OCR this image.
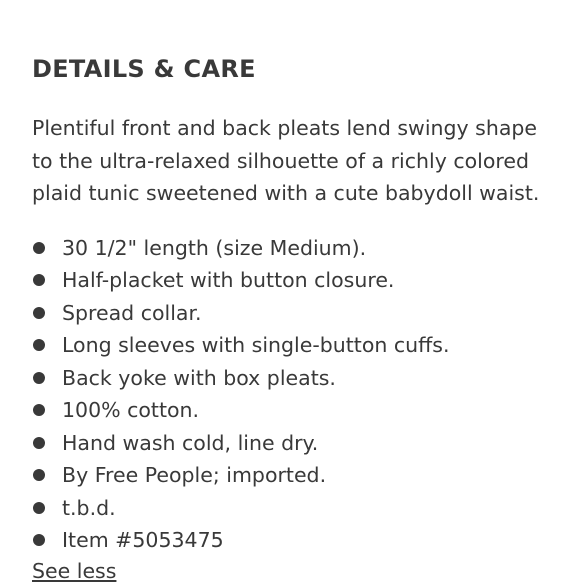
DETAILS & CARE

Plentiful front and back pleats lend swingy shape to the ultra-relaxed silhouette of a richly colored plaid tunic sweetened with a cute babydoll waist.

30 1/2" length (size Medium).
Half-placket with button closure.
Spread collar.
Long sleeves with single-button cuffs.
Back yoke with box pleats.
100% cotton.
Hand wash cold, line dry.
By Free People; imported.
t.b.d.
Item #5053475
See less
